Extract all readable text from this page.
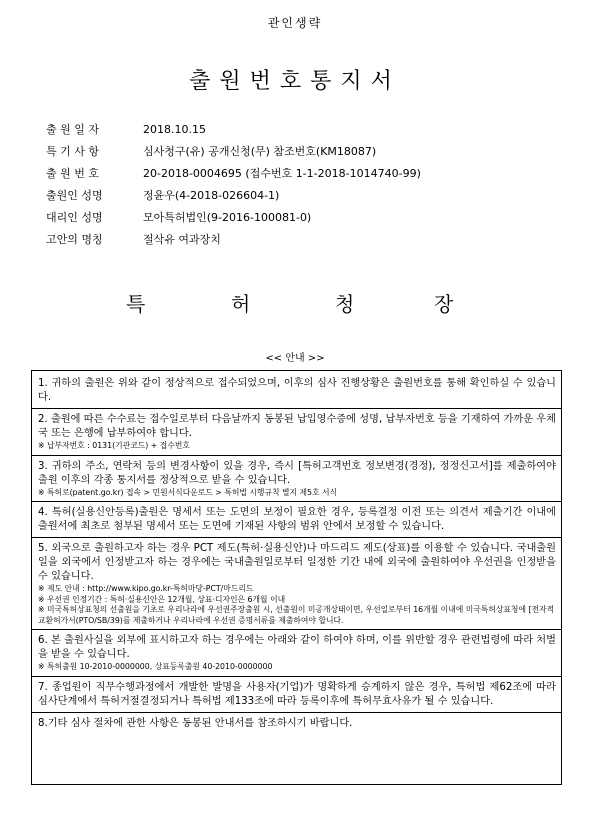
관인생략
출원번호통지서
출 원 일 자	2018.10.15
특 기 사 항	심사청구(유) 공개신청(무) 참조번호(KM18087)
출 원 번 호	20-2018-0004695 (접수번호 1-1-2018-1014740-99)
출원인 성명	정윤우(4-2018-026604-1)
대리인 성명	모아특허법인(9-2016-100081-0)
고안의 명칭	절삭유 여과장치
특	허	청	장
<< 안내 >>

1. 귀하의 출원은 위와 같이 정상적으로 접수되었으며, 이후의 심사 진행상황은 출원번호를 통해 확인하실 수 있습니다.

2. 출원에 따른 수수료는 접수일로부터 다음날까지 동봉된 납입영수증에 성명, 납부자번호 등을 기재하여 가까운 우체국 또는 은행에 납부하여야 합니다.

※ 납부자번호 : 0131(기관코드) + 접수번호

3. 귀하의 주소, 연락처 등의 변경사항이 있을 경우, 즉시 [특허고객번호 정보변경(경정), 정정신고서]를 제출하여야 출원 이후의 각종 통지서를 정상적으로 받을 수 있습니다.

※ 특허로(patent.go.kr) 접속 > 민원서식다운로드 > 특허법 시행규칙 별지 제5호 서식

4. 특허(실용신안등록)출원은 명세서 또는 도면의 보정이 필요한 경우, 등록결정 이전 또는 의견서 제출기간 이내에 출원서에 최초로 첨부된 명세서 또는 도면에 기재된 사항의 범위 안에서 보정할 수 있습니다.

5. 외국으로 출원하고자 하는 경우 PCT 제도(특허·실용신안)나 마드리드 제도(상표)를 이용할 수 있습니다. 국내출원일을 외국에서 인정받고자 하는 경우에는 국내출원일로부터 일정한 기간 내에 외국에 출원하여야 우선권을 인정받을 수 있습니다.

※ 제도 안내 : http://www.kipo.go.kr-특허마당-PCT/마드리드

※ 우선권 인정기간 : 특허·실용신안은 12개월, 상표·디자인은 6개월 이내

※ 미국특허상표청의 선출원을 기초로 우리나라에 우선권주장출원 시, 선출원이 미공개상태이면, 우선일로부터 16개월 이내에 미국특허상표청에 [전자적교환허가서(PTO/SB/39)를 제출하거나 우리나라에 우선권 증명서류를 제출하여야 합니다.

6. 본 출원사실을 외부에 표시하고자 하는 경우에는 아래와 같이 하여야 하며, 이를 위반할 경우 관련법령에 따라 처벌을 받을 수 있습니다.

※ 특허출원 10-2010-0000000, 상표등록출원 40-2010-0000000

7. 종업원이 직무수행과정에서 개발한 발명을 사용자(기업)가 명확하게 승계하지 않은 경우, 특허법 제62조에 따라 심사단계에서 특허거절결정되거나 특허법 제133조에 따라 등록이후에 특허무효사유가 될 수 있습니다.

8.기타 심사 절차에 관한 사항은 동봉된 안내서를 참조하시기 바랍니다.
